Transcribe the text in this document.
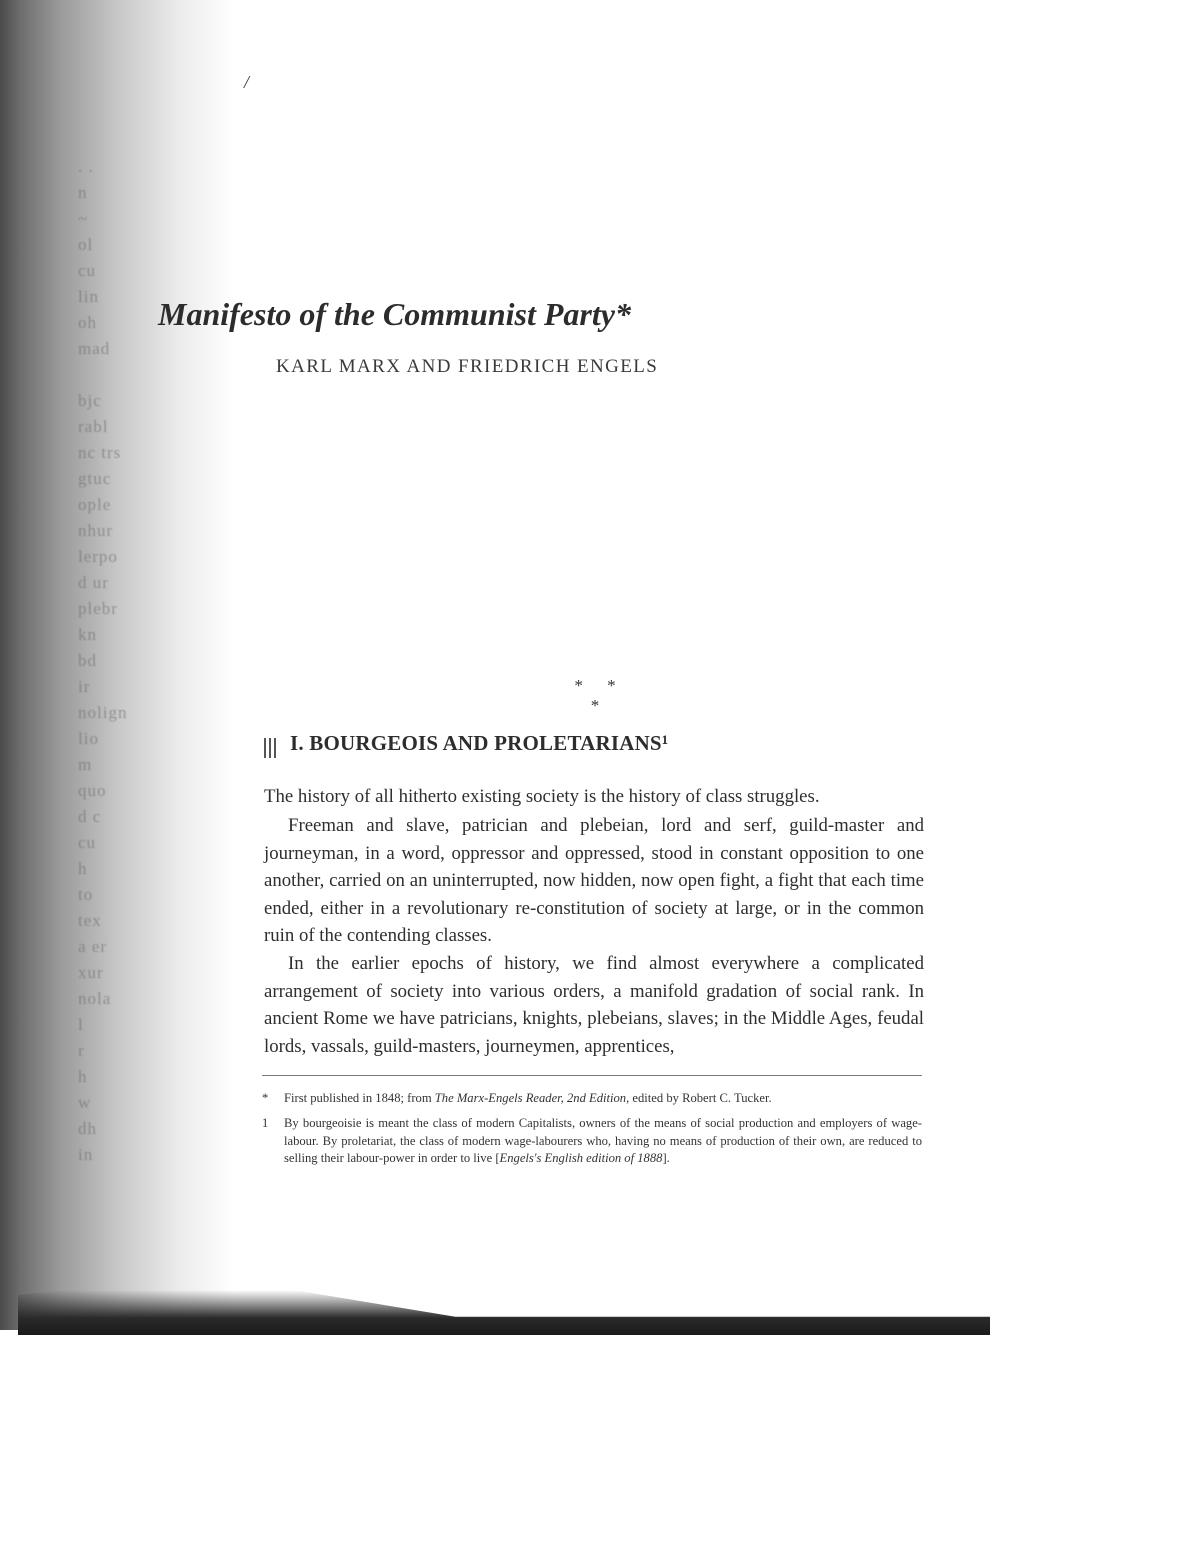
. .
n
~
ol
cu
lin
oh
mad

bjc
rabl
nc trs
gtuc
ople
nhur
lerpo
d ur
plebr
kn
bd
ir
nolign
lio
m
quo
d c
cu
h
to
tex
a er
xur
nola
l
r
h
w
dh
in
/
Manifesto of the Communist Party*
KARL MARX AND FRIEDRICH ENGELS
* * *
I. BOURGEOIS AND PROLETARIANS¹

The history of all hitherto existing society is the history of class struggles.

Freeman and slave, patrician and plebeian, lord and serf, guild-master and journeyman, in a word, oppressor and oppressed, stood in constant opposition to one another, carried on an uninterrupted, now hidden, now open fight, a fight that each time ended, either in a revolutionary re-constitution of society at large, or in the common ruin of the contending classes.

In the earlier epochs of history, we find almost everywhere a complicated arrangement of society into various orders, a manifold gradation of social rank. In ancient Rome we have patricians, knights, plebeians, slaves; in the Middle Ages, feudal lords, vassals, guild-masters, journeymen, apprentices,

*	First published in 1848; from The Marx-Engels Reader, 2nd Edition, edited by Robert C. Tucker.
1	By bourgeoisie is meant the class of modern Capitalists, owners of the means of social production and employers of wage-labour. By proletariat, the class of modern wage-labourers who, having no means of production of their own, are reduced to selling their labour-power in order to live [Engels's English edition of 1888].
